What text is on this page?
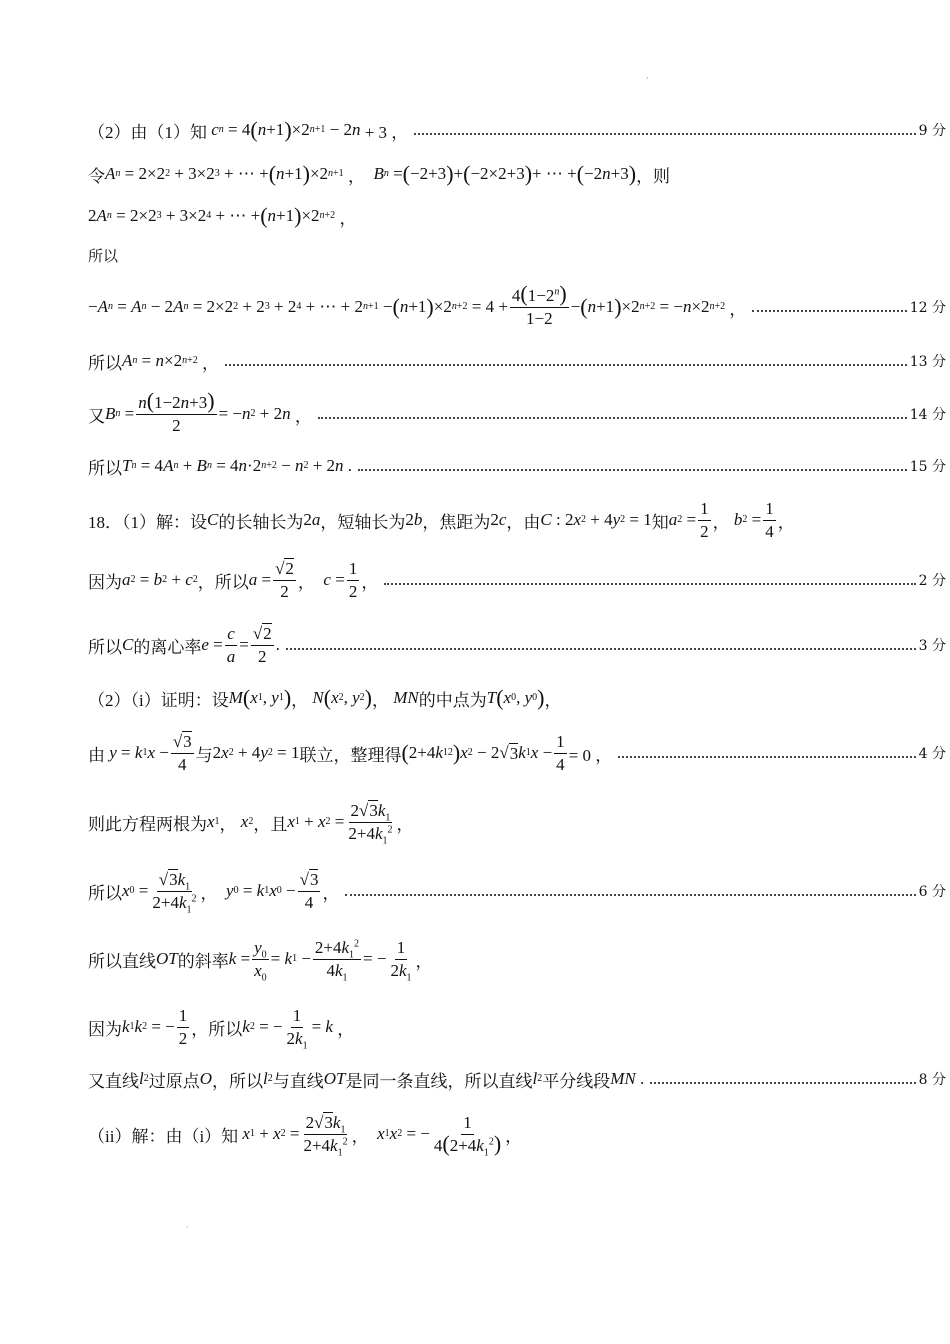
·
（2）由（1）知
c n = 4 ( n +1 ) ×2 n+1 − 2 n + 3 ，	9 分
令 A n = 2×2 2 + 3×2 3 + ⋯ + ( n +1 ) ×2 n+1 ， B n = ( −2+3 ) + ( −2×2+3 ) + ⋯ + ( −2 n +3 ) ，则
2 A n = 2×2 3 + 3×2 4 + ⋯ + ( n +1 ) ×2 n+2 ，
所以
− A n = A n − 2 A n = 2×2 2 + 2 3 + 2 4 + ⋯ + 2 n+1 − ( n +1 ) ×2 $n+2 = 4 + \frac{4(1-2^n)}{1-2}$ − ( n +1 ) ×2 n+2 = − n ×2 n+2 ，	12 分
所以 A n = n ×2 n+2 ，	13 分
又 B $n = \frac{n(1-2n+3)}{2}$ = − n 2 + 2 n ，	14 分
所以 T n = 4 A n + B n = 4 n ·2 n+2 − n 2 + 2 n .	15 分
18．（1）解：设 C 的长轴长为 2 a ，短轴长为 2 b ，焦距为 2 c ，由 C : 2 x 2 + 4 y 2 = 1 知 a $2 = \frac{1}{2}$ ， b $2 = \frac{1}{4}$ ，
因为 a 2 = b 2 + c 2 ， 所以 $a = \frac{√2}{2}$ ， $c = \frac{1}{2}$ ，	2 分
所以 C 的离心率 $e = \frac{c}{a} = \frac{√2}{2}$ .	3 分
（2）（i）证明：设 M ( x 1 , y 1 ) ， N ( x 2 , y 2 ) ， MN 的中点为 T ( x 0 , y 0 ) ，
由
y = k 1 $x - \frac{√3}{4}$ 与 2 x 2 + 4 y 2 = 1 联立，整理得 ( 2+4 k 1 2 ) x 2 − 2√ 3 k 1 $x - \frac{1}{4} = 0$ ，	4 分
则此方程两根为 x 1 ， x 2 ，且 x 1 + x $2 = \frac{2√3k_1}{2+4k_1^2}$ ，
所以 x $0 = \frac{√3k_1}{2+4k_1^2}$ ， y 0 = k 1 x $0 - \frac{√3}{4}$ ，	6 分
所以直线 OT 的斜率 $k = \frac{y_0}{x_0} = k$ $1 - \frac{2+4k_1^2}{4k_1}$ = − $\frac{1}{2k_1}$ ，
因为 k 1 k 2 = − $\frac{1}{2}$ ， 所以 k 2 = − $\frac{1}{2k_1} = k$ ，
又直线 l 2 过原点 O ， 所以 l 2 与直线 OT 是同一条直线，所以直线 l 2 平分线段 MN .	8 分
（ii）解：由（i）知
x 1 + x $2 = \frac{2√3k_1}{2+4k_1^2}$ ， x 1 x 2 = − $\frac{1}{4(2+4k_1^2)}$ ，
·
